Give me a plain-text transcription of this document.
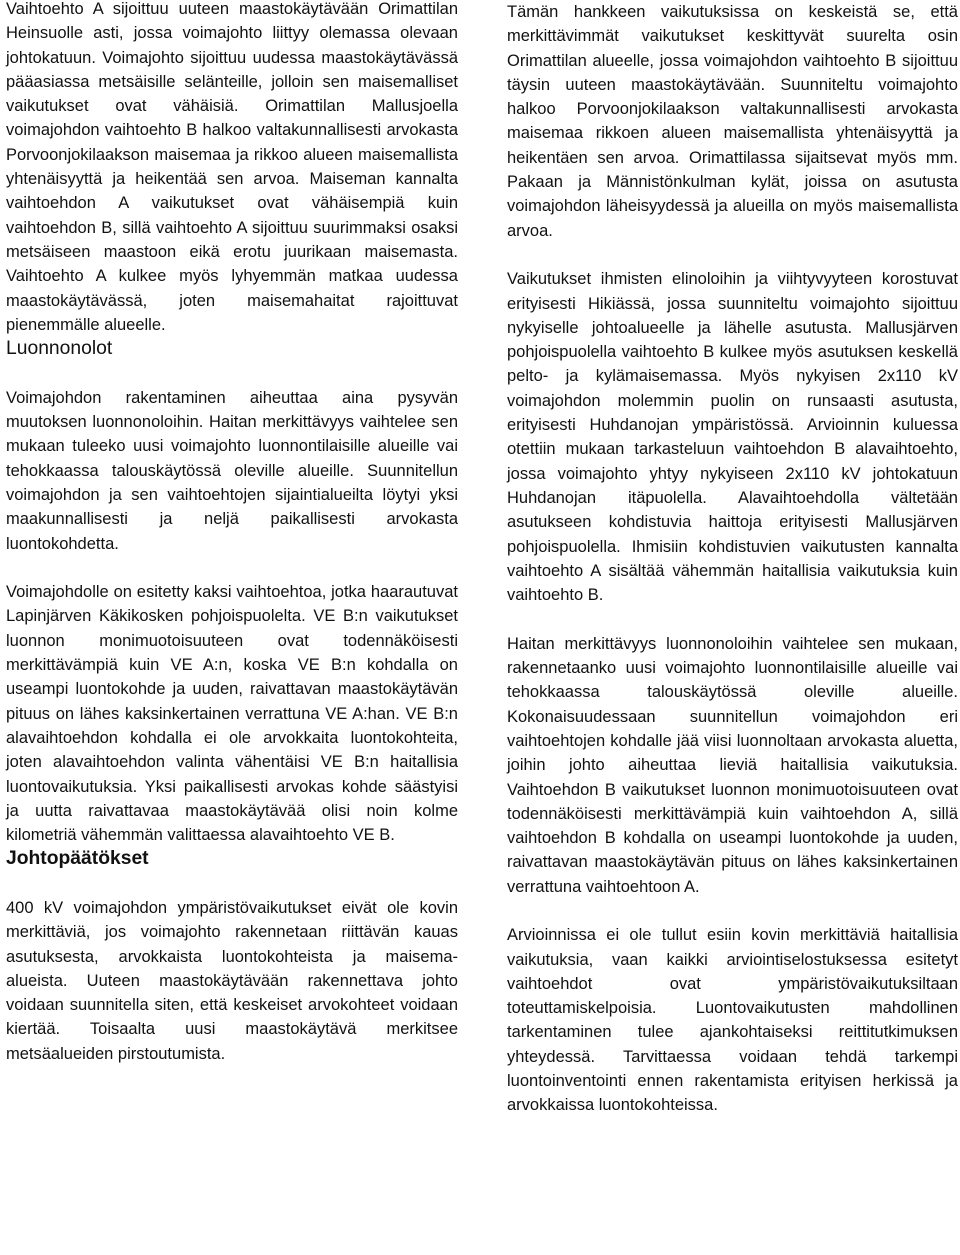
Vaihtoehto A sijoittuu uuteen maastokäytävään Orimattilan Heinsuolle asti, jossa voimajohto liittyy olemassa olevaan johtokatuun. Voimajohto sijoittuu uudessa maastokäytävässä pääasiassa metsäisille selänteille, jolloin sen maisemalliset vaikutukset ovat vähäisiä. Orimattilan Mallusjoella voimajohdon vaihtoehto B halkoo valtakunnallisesti arvokasta Porvoonjokilaakson maisemaa ja rikkoo alueen maisemallista yhtenäisyyttä ja heikentää sen arvoa. Maiseman kannalta vaihtoehdon A vaikutukset ovat vähäisempiä kuin vaihtoehdon B, sillä vaihtoehto A sijoittuu suurimmaksi osaksi metsäiseen maastoon eikä erotu juurikaan maisemasta. Vaihtoehto A kulkee myös lyhyemmän matkaa uudessa maastokäytävässä, joten maisemahaitat rajoittuvat pienemmälle alueelle.

Luonnonolot

Voimajohdon rakentaminen aiheuttaa aina pysyvän muutoksen luonnonoloihin. Haitan merkittävyys vaihtelee sen mukaan tuleeko uusi voimajohto luonnontilaisille alueille vai tehokkaassa talouskäytössä oleville alueille. Suunnitellun voimajohdon ja sen vaihtoehtojen sijaintialueilta löytyi yksi maakunnallisesti ja neljä paikallisesti arvokasta luontokohdetta.

Voimajohdolle on esitetty kaksi vaihtoehtoa, jotka haarautuvat Lapinjärven Käkikosken pohjoispuolelta. VE B:n vaikutukset luonnon monimuotoisuuteen ovat todennäköisesti merkittävämpiä kuin VE A:n, koska VE B:n kohdalla on useampi luontokohde ja uuden, raivattavan maastokäytävän pituus on lähes kaksinkertainen verrattuna VE A:han. VE B:n alavaihtoehdon kohdalla ei ole arvokkaita luontokohteita, joten alavaihtoehdon valinta vähentäisi VE B:n haitallisia luontovaikutuksia. Yksi paikallisesti arvokas kohde säästyisi ja uutta raivattavaa maastokäytävää olisi noin kolme kilometriä vähemmän valittaessa alavaihtoehto VE B.

Johtopäätökset

400 kV voimajohdon ympäristövaikutukset eivät ole kovin merkittäviä, jos voimajohto rakennetaan riittävän kauas asutuksesta, arvokkaista luontokohteista ja maisema-alueista. Uuteen maastokäytävään rakennettava johto voidaan suunnitella siten, että keskeiset arvokohteet voidaan kiertää. Toisaalta uusi maastokäytävä merkitsee metsäalueiden pirstoutumista.

Tämän hankkeen vaikutuksissa on keskeistä se, että merkittävimmät vaikutukset keskittyvät suurelta osin Orimattilan alueelle, jossa voimajohdon vaihtoehto B sijoittuu täysin uuteen maastokäytävään. Suunniteltu voimajohto halkoo Porvoonjokilaakson valtakunnallisesti arvokasta maisemaa rikkoen alueen maisemallista yhtenäisyyttä ja heikentäen sen arvoa. Orimattilassa sijaitsevat myös mm. Pakaan ja Männistönkulman kylät, joissa on asutusta voimajohdon läheisyydessä ja alueilla on myös maisemallista arvoa.

Vaikutukset ihmisten elinoloihin ja viihtyvyyteen korostuvat erityisesti Hikiässä, jossa suunniteltu voimajohto sijoittuu nykyiselle johtoalueelle ja lähelle asutusta. Mallusjärven pohjoispuolella vaihtoehto B kulkee myös asutuksen keskellä pelto- ja kylämaisemassa. Myös nykyisen 2x110 kV voimajohdon molemmin puolin on runsaasti asutusta, erityisesti Huhdanojan ympäristössä. Arvioinnin kuluessa otettiin mukaan tarkasteluun vaihtoehdon B alavaihtoehto, jossa voimajohto yhtyy nykyiseen 2x110 kV johtokatuun Huhdanojan itäpuolella. Alavaihtoehdolla vältetään asutukseen kohdistuvia haittoja erityisesti Mallusjärven pohjoispuolella. Ihmisiin kohdistuvien vaikutusten kannalta vaihtoehto A sisältää vähemmän haitallisia vaikutuksia kuin vaihtoehto B.

Haitan merkittävyys luonnonoloihin vaihtelee sen mukaan, rakennetaanko uusi voimajohto luonnontilaisille alueille vai tehokkaassa talouskäytössä oleville alueille. Kokonaisuudessaan suunnitellun voimajohdon eri vaihtoehtojen kohdalle jää viisi luonnoltaan arvokasta aluetta, joihin johto aiheuttaa lieviä haitallisia vaikutuksia. Vaihtoehdon B vaikutukset luonnon monimuotoisuuteen ovat todennäköisesti merkittävämpiä kuin vaihtoehdon A, sillä vaihtoehdon B kohdalla on useampi luontokohde ja uuden, raivattavan maastokäytävän pituus on lähes kaksinkertainen verrattuna vaihtoehtoon A.

Arvioinnissa ei ole tullut esiin kovin merkittäviä haitallisia vaikutuksia, vaan kaikki arviointiselostuksessa esitetyt vaihtoehdot ovat ympäristövaikutuksiltaan toteuttamiskelpoisia. Luontovaikutusten mahdollinen tarkentaminen tulee ajankohtaiseksi reittitutkimuksen yhteydessä. Tarvittaessa voidaan tehdä tarkempi luontoinventointi ennen rakentamista erityisen herkissä ja arvokkaissa luontokohteissa.
